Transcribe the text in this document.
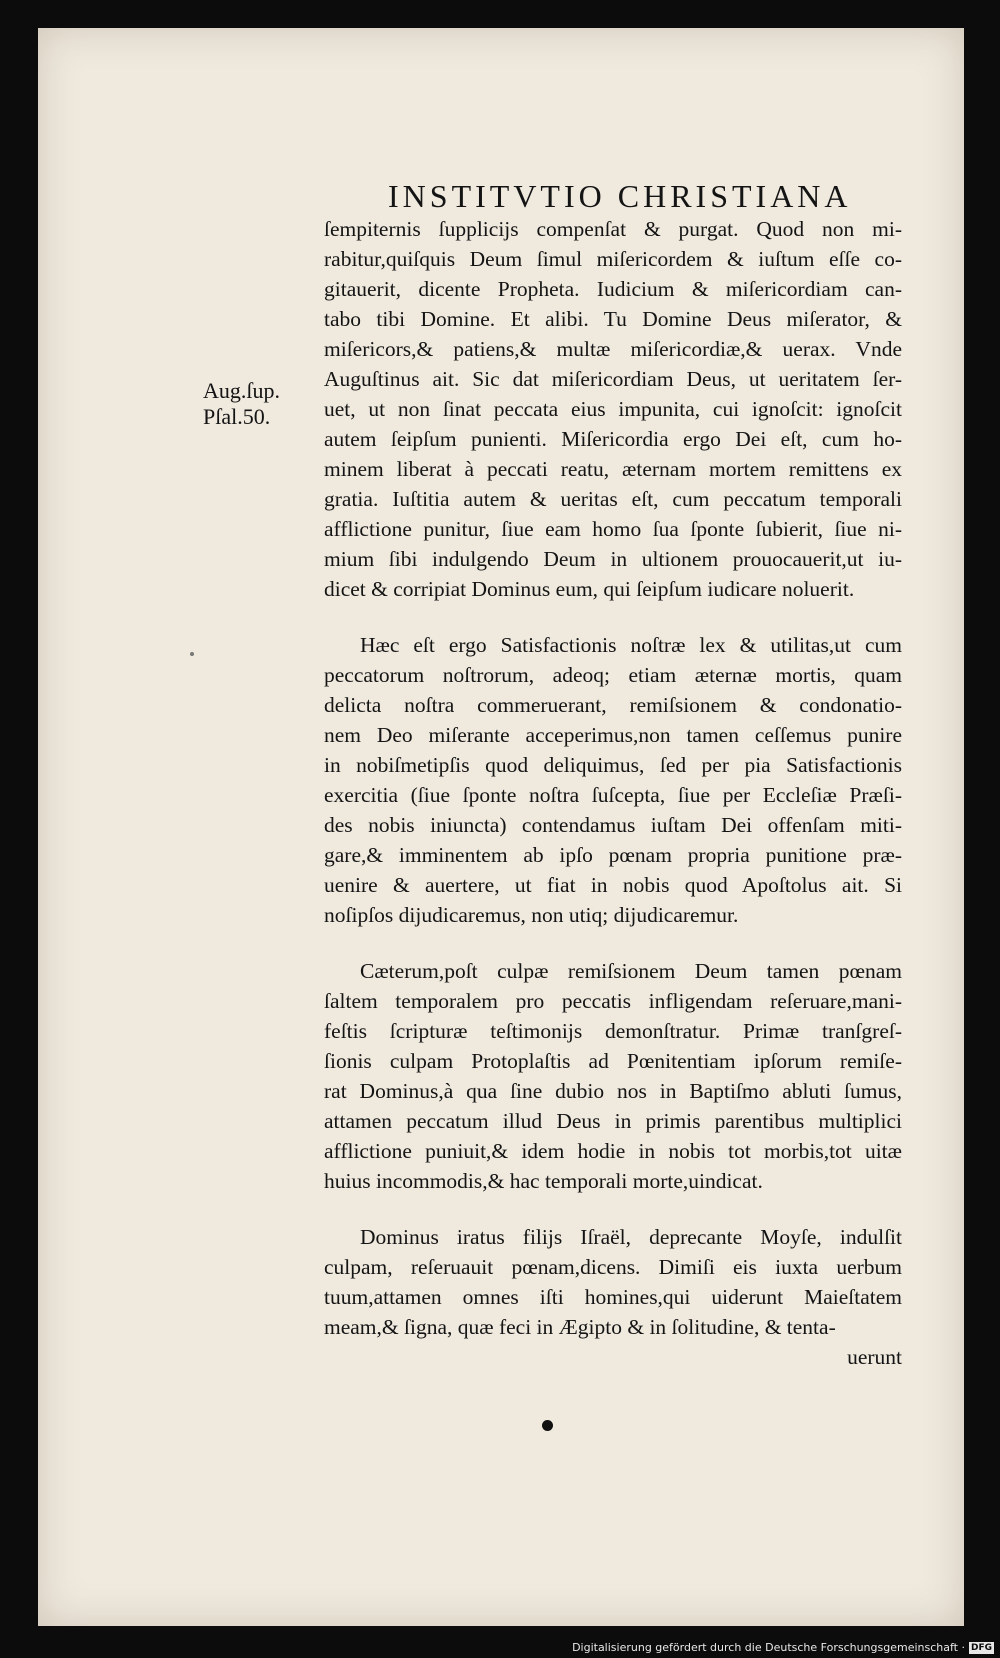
INSTITVTIO CHRISTIANA
Aug.ſup.
Pſal.50.
ſempiternis ſupplicijs compenſat & purgat. Quod non mi-
rabitur,quiſquis Deum ſimul miſericordem & iuſtum eſſe co-
gitauerit, dicente Propheta. Iudicium & miſericordiam can-
tabo tibi Domine. Et alibi. Tu Domine Deus miſerator, &
miſericors,& patiens,& multæ miſericordiæ,& uerax. Vnde
Auguſtinus ait. Sic dat miſericordiam Deus, ut ueritatem ſer-
uet, ut non ſinat peccata eius impunita, cui ignoſcit: ignoſcit
autem ſeipſum punienti. Miſericordia ergo Dei eſt, cum ho-
minem liberat à peccati reatu, æternam mortem remittens ex
gratia. Iuſtitia autem & ueritas eſt, cum peccatum temporali
afflictione punitur, ſiue eam homo ſua ſponte ſubierit, ſiue ni-
mium ſibi indulgendo Deum in ultionem prouocauerit,ut iu-
dicet & corripiat Dominus eum, qui ſeipſum iudicare noluerit.
Hæc eſt ergo Satisfactionis noſtræ lex & utilitas,ut cum
peccatorum noſtrorum, adeoq; etiam æternæ mortis, quam
delicta noſtra commeruerant, remiſsionem & condonatio-
nem Deo miſerante acceperimus,non tamen ceſſemus punire
in nobiſmetipſis quod deliquimus, ſed per pia Satisfactionis
exercitia (ſiue ſponte noſtra ſuſcepta, ſiue per Eccleſiæ Præſi-
des nobis iniuncta) contendamus iuſtam Dei offenſam miti-
gare,& imminentem ab ipſo pœnam propria punitione præ-
uenire & auertere, ut fiat in nobis quod Apoſtolus ait. Si
noſipſos dijudicaremus, non utiq; dijudicaremur.
Cæterum,poſt culpæ remiſsionem Deum tamen pœnam
ſaltem temporalem pro peccatis infligendam reſeruare,mani-
feſtis ſcripturæ teſtimonijs demonſtratur. Primæ tranſgreſ-
ſionis culpam Protoplaſtis ad Pœnitentiam ipſorum remiſe-
rat Dominus,à qua ſine dubio nos in Baptiſmo abluti ſumus,
attamen peccatum illud Deus in primis parentibus multiplici
afflictione puniuit,& idem hodie in nobis tot morbis,tot uitæ
huius incommodis,& hac temporali morte,uindicat.
Dominus iratus filijs Iſraël, deprecante Moyſe, indulſit
culpam, reſeruauit pœnam,dicens. Dimiſi eis iuxta uerbum
tuum,attamen omnes iſti homines,qui uiderunt Maieſtatem
meam,& ſigna, quæ feci in Ægipto & in ſolitudine, & tenta-
uerunt
Digitalisierung gefördert durch die Deutsche Forschungsgemeinschaft · DFG
